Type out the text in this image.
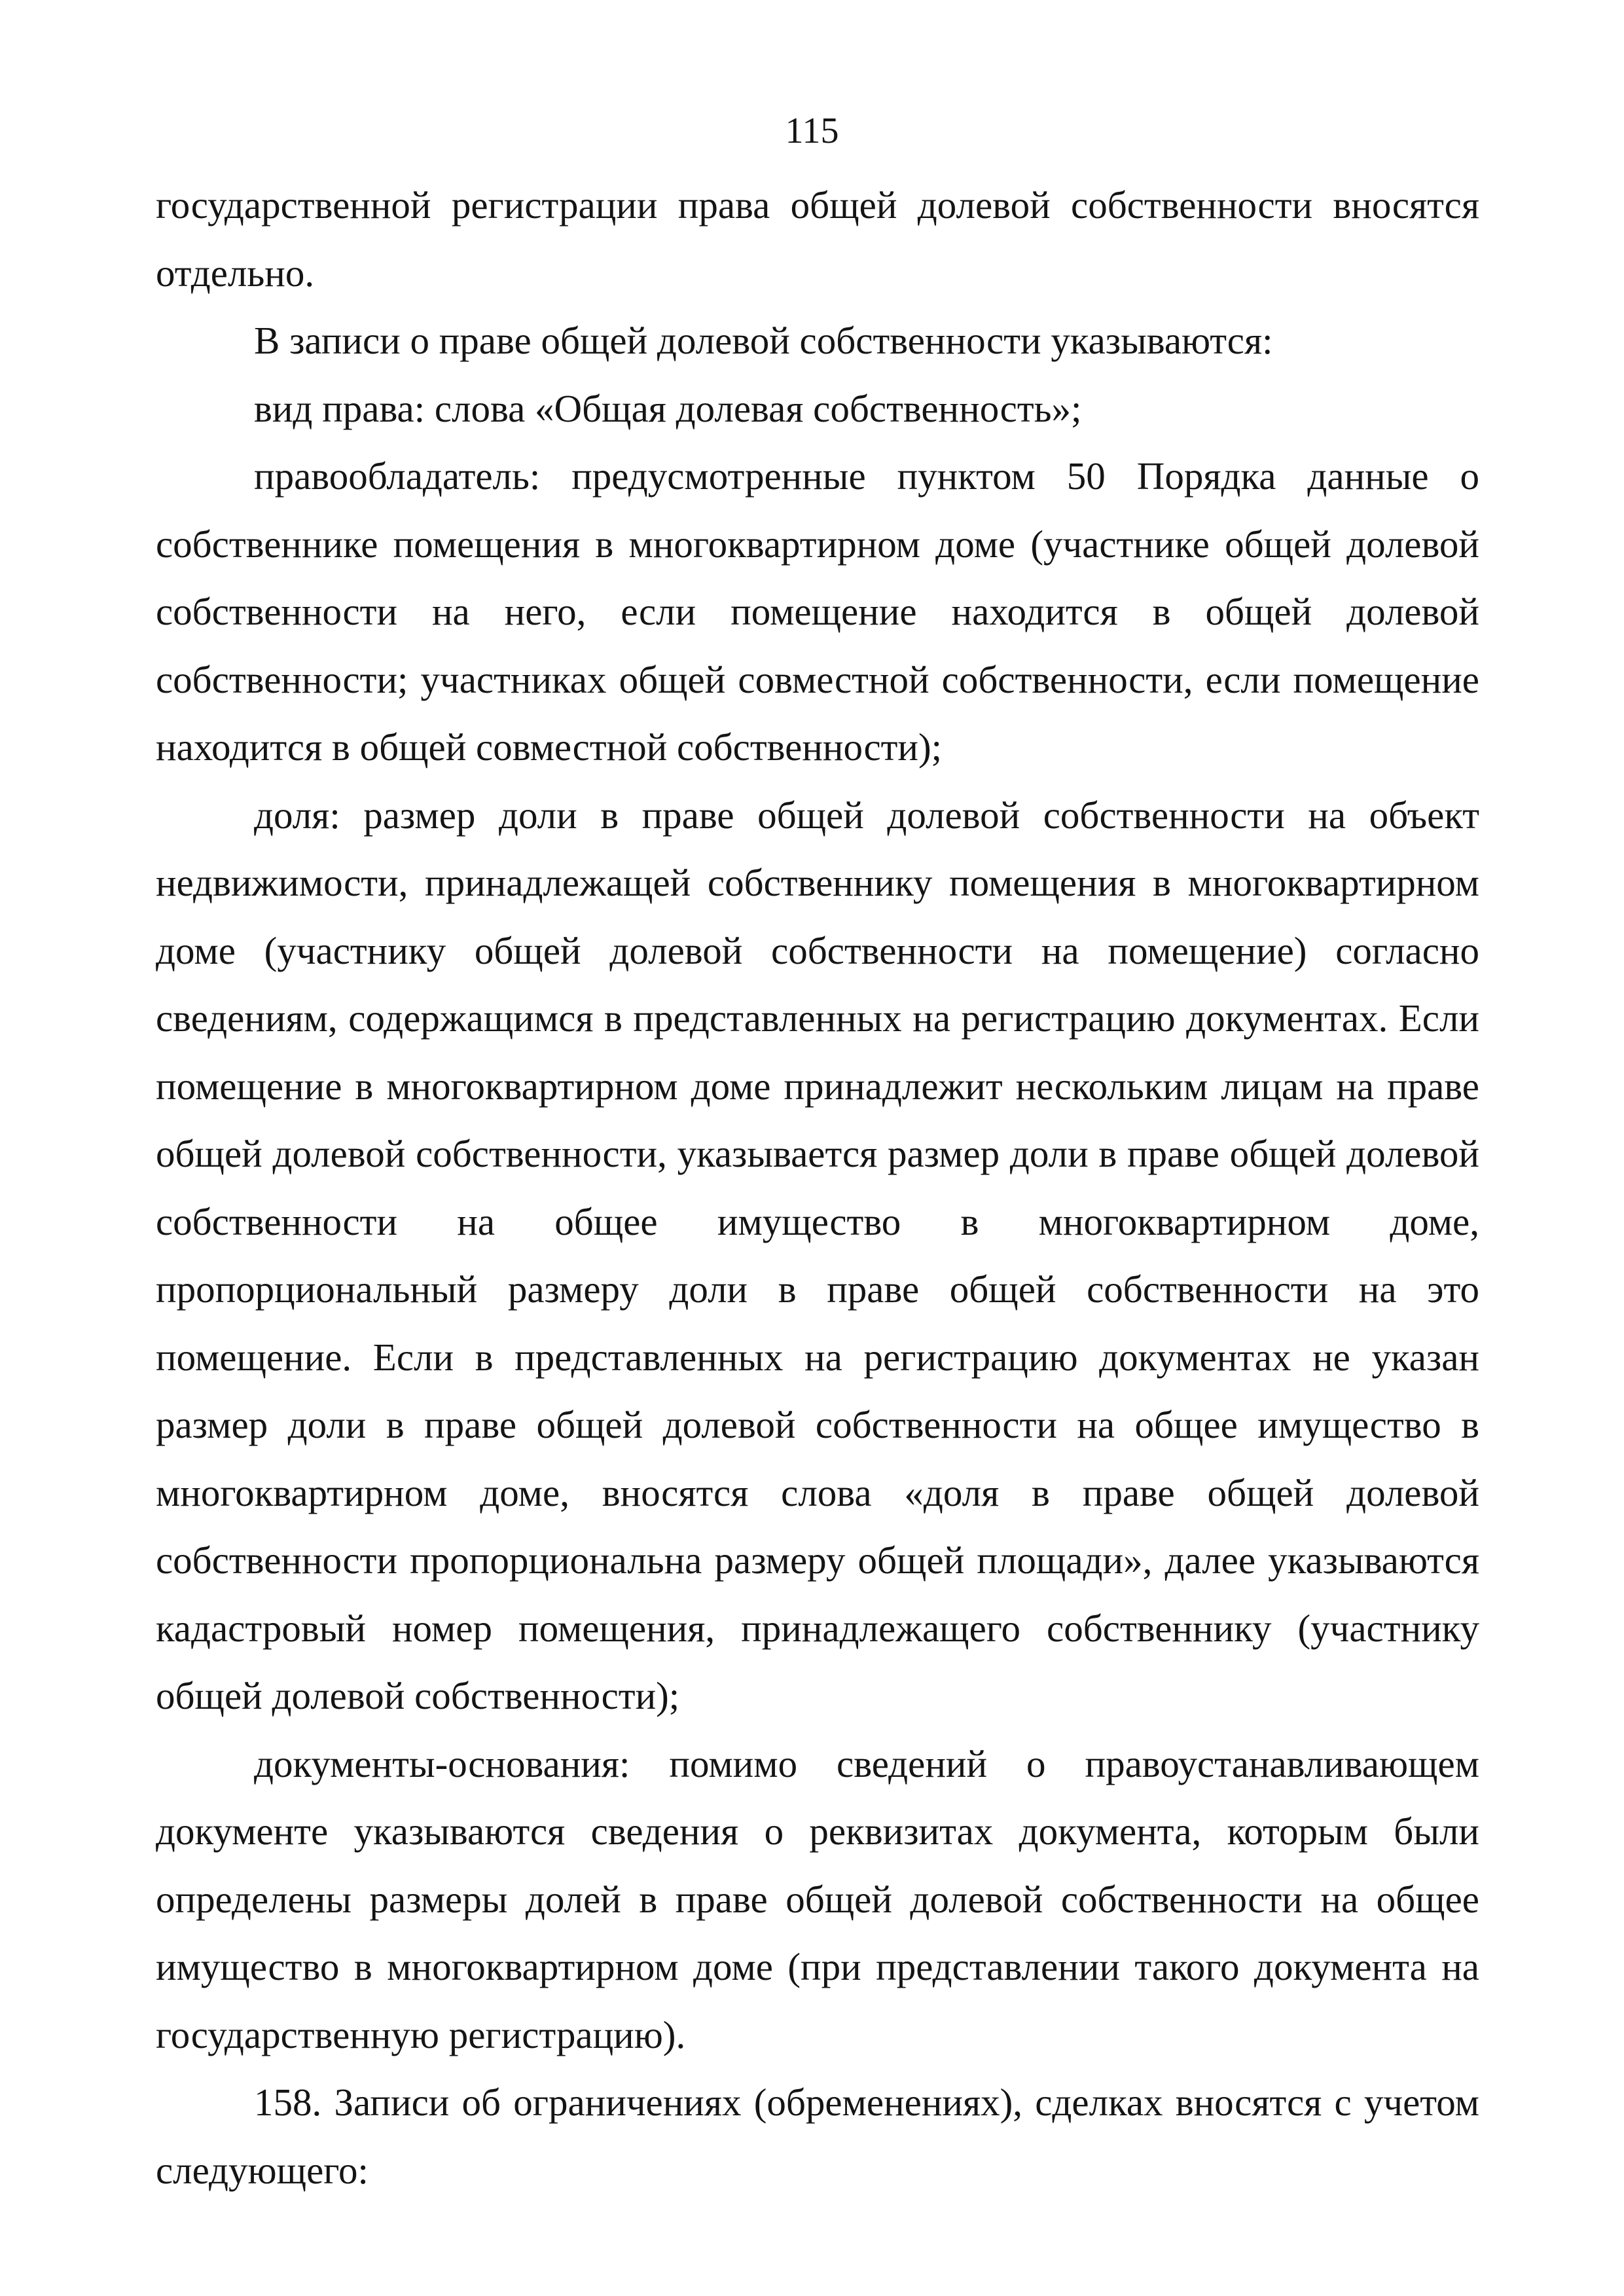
115

государственной регистрации права общей долевой собственности вносятся отдельно.

В записи о праве общей долевой собственности указываются:

вид права: слова «Общая долевая собственность»;

правообладатель: предусмотренные пунктом 50 Порядка данные о собственнике помещения в многоквартирном доме (участнике общей долевой собственности на него, если помещение находится в общей долевой собственности; участниках общей совместной собственности, если помещение находится в общей совместной собственности);

доля: размер доли в праве общей долевой собственности на объект недвижимости, принадлежащей собственнику помещения в многоквартирном доме (участнику общей долевой собственности на помещение) согласно сведениям, содержащимся в представленных на регистрацию документах. Если помещение в многоквартирном доме принадлежит нескольким лицам на праве общей долевой собственности, указывается размер доли в праве общей долевой собственности на общее имущество в многоквартирном доме, пропорциональный размеру доли в праве общей собственности на это помещение. Если в представленных на регистрацию документах не указан размер доли в праве общей долевой собственности на общее имущество в многоквартирном доме, вносятся слова «доля в праве общей долевой собственности пропорциональна размеру общей площади», далее указываются кадастровый номер помещения, принадлежащего собственнику (участнику общей долевой собственности);

документы-основания: помимо сведений о правоустанавливающем документе указываются сведения о реквизитах документа, которым были определены размеры долей в праве общей долевой собственности на общее имущество в многоквартирном доме (при представлении такого документа на государственную регистрацию).

158. Записи об ограничениях (обременениях), сделках вносятся с учетом следующего:
